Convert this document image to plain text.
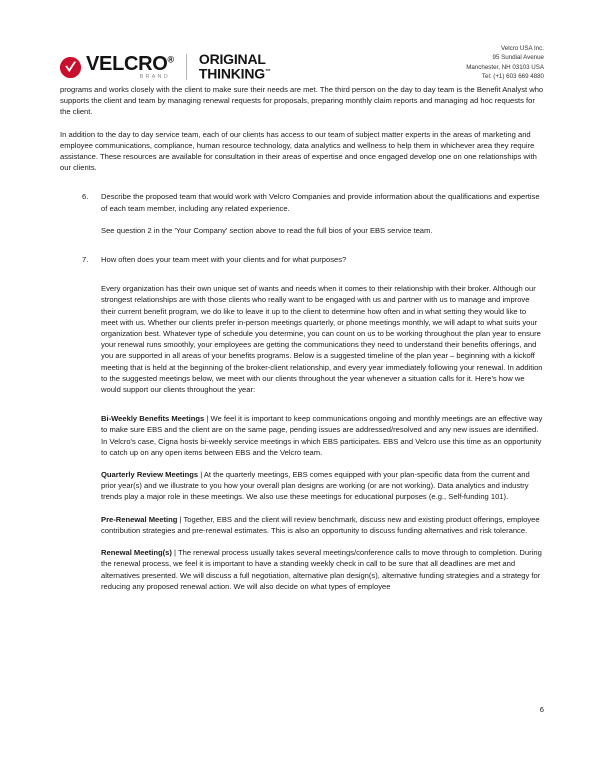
VELCRO®
BRAND
ORIGINAL
THINKING™
Velcro USA Inc.
95 Sundial Avenue
Manchester, NH 03103 USA
Tel: (+1) 603 669 4880

programs and works closely with the client to make sure their needs are met. The third person on the day to day team is the Benefit Analyst who supports the client and team by managing renewal requests for proposals, preparing monthly claim reports and managing ad hoc requests for the client.

In addition to the day to day service team, each of our clients has access to our team of subject matter experts in the areas of marketing and employee communications, compliance, human resource technology, data analytics and wellness to help them in whichever area they require assistance. These resources are available for consultation in their areas of expertise and once engaged develop one on one relationships with our clients.

6.	Describe the proposed team that would work with Velcro Companies and provide information about the qualifications and expertise of each team member, including any related experience.

See question 2 in the 'Your Company' section above to read the full bios of your EBS service team.

7.	How often does your team meet with your clients and for what purposes?

Every organization has their own unique set of wants and needs when it comes to their relationship with their broker. Although our strongest relationships are with those clients who really want to be engaged with us and partner with us to manage and improve their current benefit program, we do like to leave it up to the client to determine how often and in what setting they would like to meet with us. Whether our clients prefer in-person meetings quarterly, or phone meetings monthly, we will adapt to what suits your organization best. Whatever type of schedule you determine, you can count on us to be working throughout the plan year to ensure your renewal runs smoothly, your employees are getting the communications they need to understand their benefits offerings, and you are supported in all areas of your benefits programs. Below is a suggested timeline of the plan year – beginning with a kickoff meeting that is held at the beginning of the broker-client relationship, and every year immediately following your renewal. In addition to the suggested meetings below, we meet with our clients throughout the year whenever a situation calls for it. Here's how we would support our clients throughout the year:

Bi-Weekly Benefits Meetings | We feel it is important to keep communications ongoing and monthly meetings are an effective way to make sure EBS and the client are on the same page, pending issues are addressed/resolved and any new issues are identified. In Velcro's case, Cigna hosts bi-weekly service meetings in which EBS participates. EBS and Velcro use this time as an opportunity to catch up on any open items between EBS and the Velcro team.

Quarterly Review Meetings | At the quarterly meetings, EBS comes equipped with your plan-specific data from the current and prior year(s) and we illustrate to you how your overall plan designs are working (or are not working). Data analytics and industry trends play a major role in these meetings. We also use these meetings for educational purposes (e.g., Self-funding 101).

Pre-Renewal Meeting | Together, EBS and the client will review benchmark, discuss new and existing product offerings, employee contribution strategies and pre-renewal estimates. This is also an opportunity to discuss funding alternatives and risk tolerance.

Renewal Meeting(s) | The renewal process usually takes several meetings/conference calls to move through to completion. During the renewal process, we feel it is important to have a standing weekly check in call to be sure that all deadlines are met and alternatives presented. We will discuss a full negotiation, alternative plan design(s), alternative funding strategies and a strategy for reducing any proposed renewal action. We will also decide on what types of employee

6
